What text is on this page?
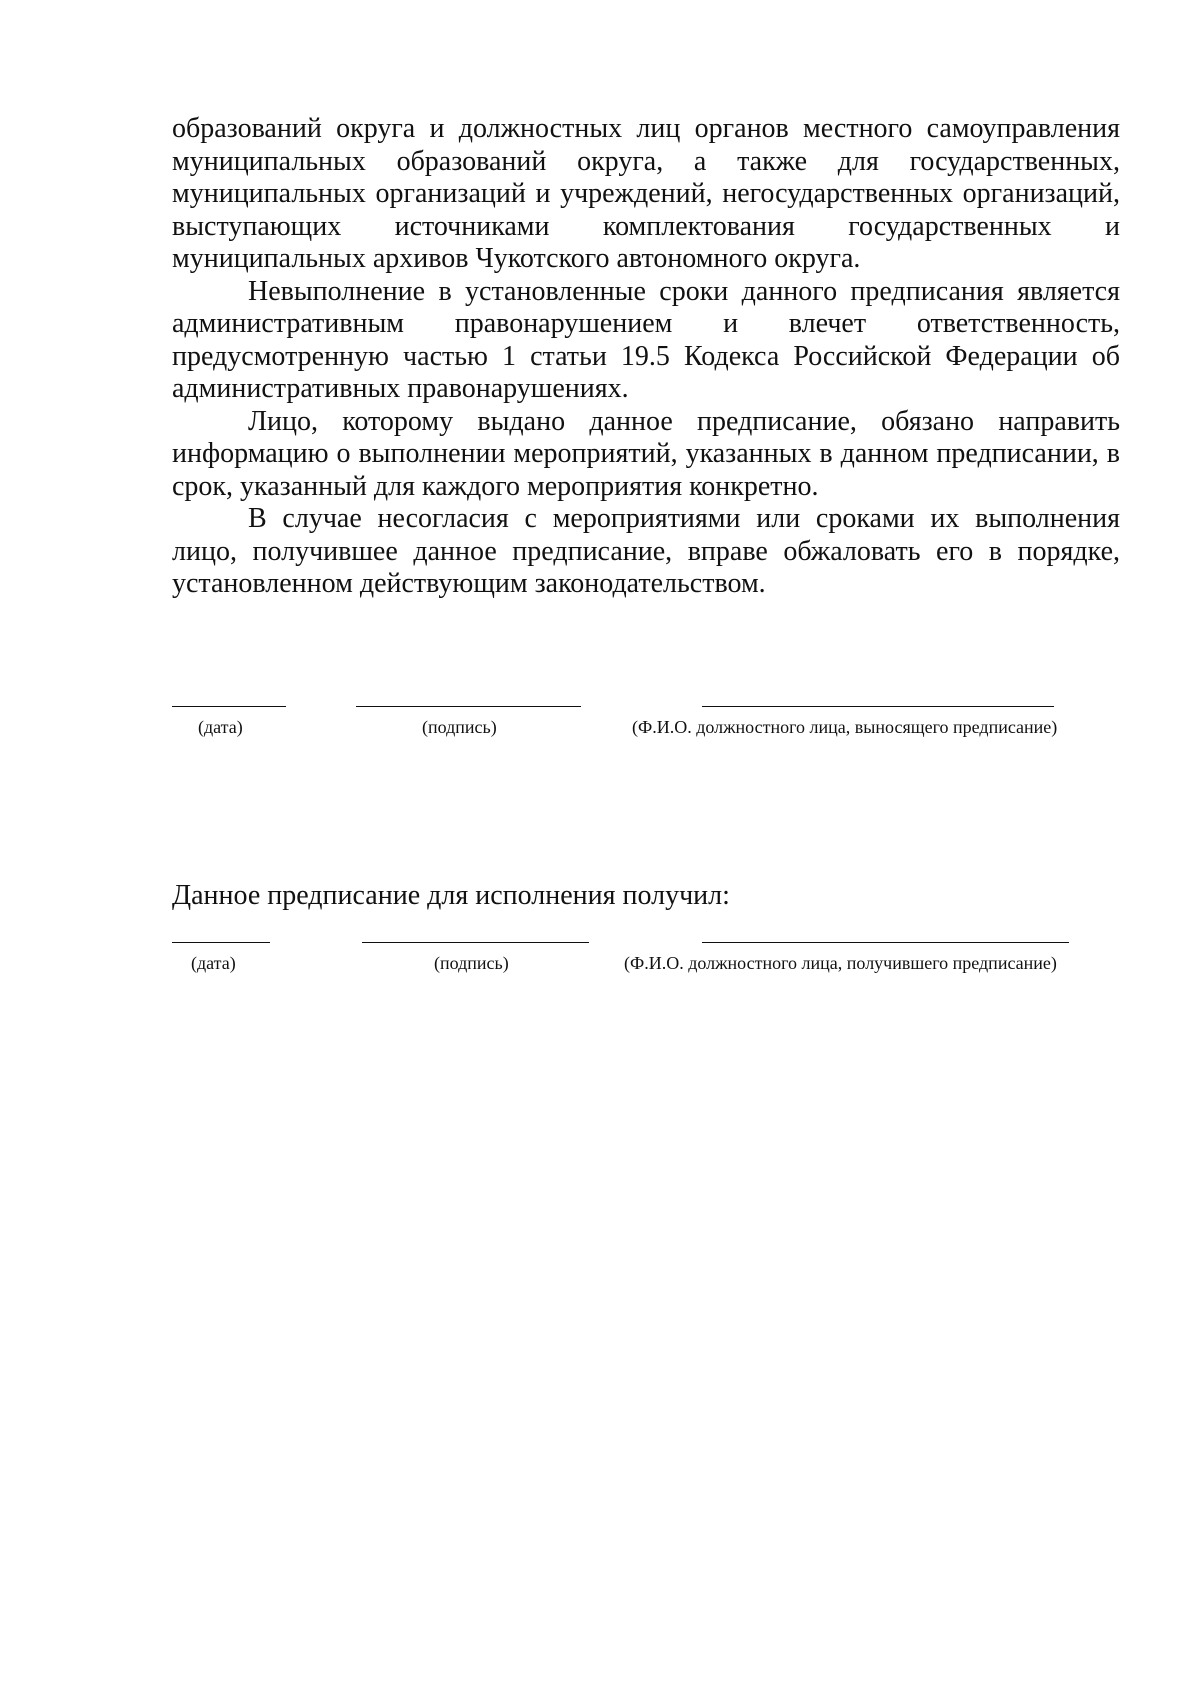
образований округа и должностных лиц органов местного самоуправления муниципальных образований округа, а также для государственных, муниципальных организаций и учреждений, негосударственных организаций, выступающих источниками комплектования государственных и муниципальных архивов Чукотского автономного округа.

Невыполнение в установленные сроки данного предписания является административным правонарушением и влечет ответственность, предусмотренную частью 1 статьи 19.5 Кодекса Российской Федерации об административных правонарушениях.

Лицо, которому выдано данное предписание, обязано направить информацию о выполнении мероприятий, указанных в данном предписании, в срок, указанный для каждого мероприятия конкретно.

В случае несогласия с мероприятиями или сроками их выполнения лицо, получившее данное предписание, вправе обжаловать его в порядке, установленном действующим законодательством.

(дата)	(подпись)	(Ф.И.О. должностного лица, выносящего предписание)
Данное предписание для исполнения получил:
(дата)	(подпись)	(Ф.И.О. должностного лица, получившего предписание)
